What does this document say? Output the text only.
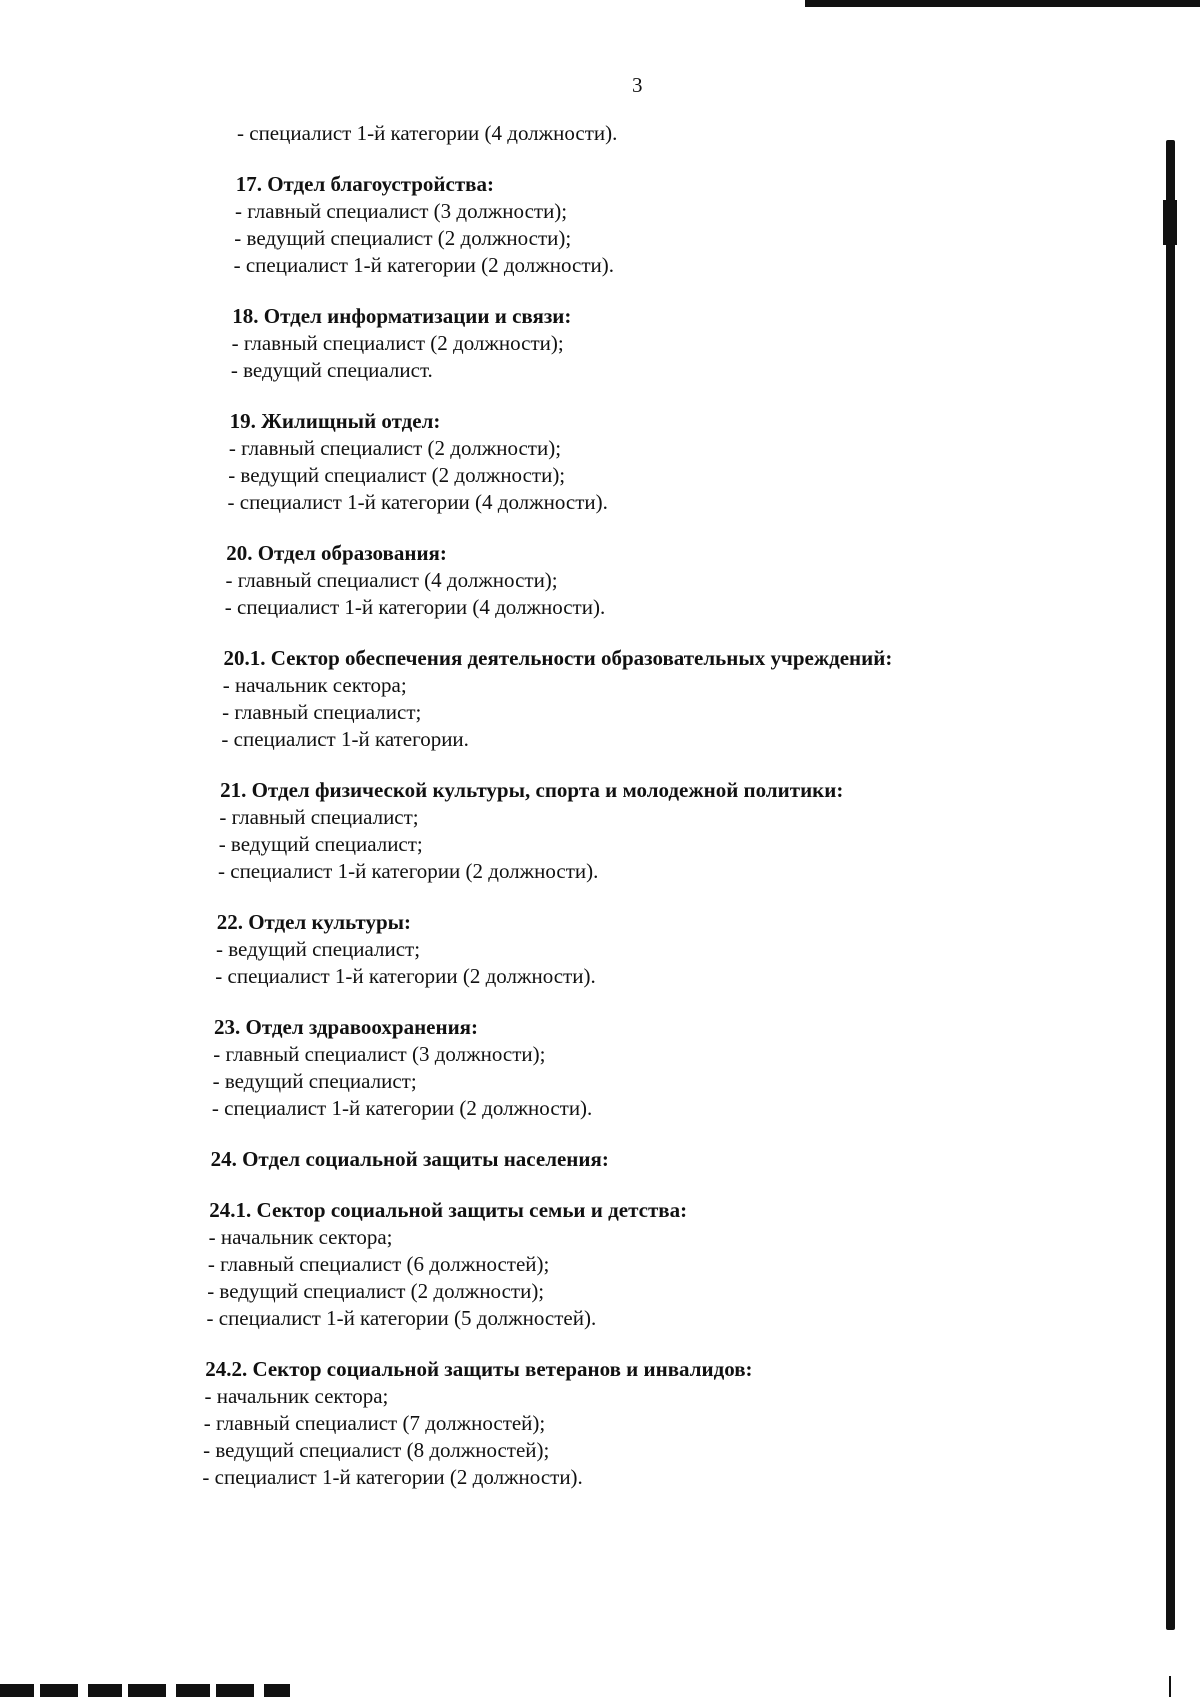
3
- специалист 1-й категории (4 должности).
17. Отдел благоустройства:
- главный специалист (3 должности);
- ведущий специалист (2 должности);
- специалист 1-й категории (2 должности).
18. Отдел информатизации и связи:
- главный специалист (2 должности);
- ведущий специалист.
19. Жилищный отдел:
- главный специалист (2 должности);
- ведущий специалист (2 должности);
- специалист 1-й категории (4 должности).
20. Отдел образования:
- главный специалист (4 должности);
- специалист 1-й категории (4 должности).
20.1. Сектор обеспечения деятельности образовательных учреждений:
- начальник сектора;
- главный специалист;
- специалист 1-й категории.
21. Отдел физической культуры, спорта и молодежной политики:
- главный специалист;
- ведущий специалист;
- специалист 1-й категории (2 должности).
22. Отдел культуры:
- ведущий специалист;
- специалист 1-й категории (2 должности).
23. Отдел здравоохранения:
- главный специалист (3 должности);
- ведущий специалист;
- специалист 1-й категории (2 должности).
24. Отдел социальной защиты населения:
24.1. Сектор социальной защиты семьи и детства:
- начальник сектора;
- главный специалист (6 должностей);
- ведущий специалист (2 должности);
- специалист 1-й категории (5 должностей).
24.2. Сектор социальной защиты ветеранов и инвалидов:
- начальник сектора;
- главный специалист (7 должностей);
- ведущий специалист (8 должностей);
- специалист 1-й категории (2 должности).
